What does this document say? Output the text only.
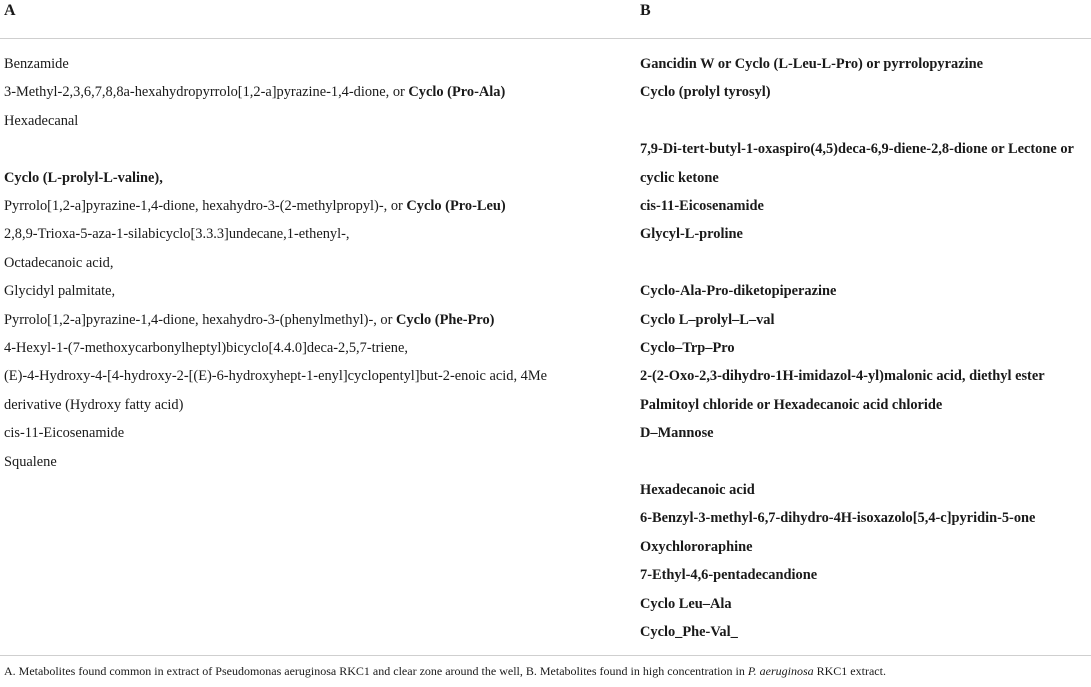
A	B
Benzamide
3-Methyl-2,3,6,7,8,8a-hexahydropyrrolo[1,2-a]pyrazine-1,4-dione, or Cyclo (Pro-Ala)
Hexadecanal
Cyclo (L-prolyl-L-valine),
Pyrrolo[1,2-a]pyrazine-1,4-dione, hexahydro-3-(2-methylpropyl)-, or Cyclo (Pro-Leu)
2,8,9-Trioxa-5-aza-1-silabicyclo[3.3.3]undecane,1-ethenyl-,
Octadecanoic acid,
Glycidyl palmitate,
Pyrrolo[1,2-a]pyrazine-1,4-dione, hexahydro-3-(phenylmethyl)-, or Cyclo (Phe-Pro)
4-Hexyl-1-(7-methoxycarbonylheptyl)bicyclo[4.4.0]deca-2,5,7-triene,
(E)-4-Hydroxy-4-[4-hydroxy-2-[(E)-6-hydroxyhept-1-enyl]cyclopentyl]but-2-enoic acid, 4Me derivative (Hydroxy fatty acid)
cis-11-Eicosenamide
Squalene
Gancidin W or Cyclo (L-Leu-L-Pro) or pyrrolopyrazine
Cyclo (prolyl tyrosyl)
7,9-Di-tert-butyl-1-oxaspiro(4,5)deca-6,9-diene-2,8-dione or Lectone or cyclic ketone
cis-11-Eicosenamide
Glycyl-L-proline
Cyclo-Ala-Pro-diketopiperazine
Cyclo L–prolyl–L–val
Cyclo–Trp–Pro
2-(2-Oxo-2,3-dihydro-1H-imidazol-4-yl)malonic acid, diethyl ester
Palmitoyl chloride or Hexadecanoic acid chloride
D–Mannose
Hexadecanoic acid
6-Benzyl-3-methyl-6,7-dihydro-4H-isoxazolo[5,4-c]pyridin-5-one
Oxychlororaphine
7-Ethyl-4,6-pentadecandione
Cyclo Leu–Ala
Cyclo_Phe-Val_
A. Metabolites found common in extract of Pseudomonas aeruginosa RKC1 and clear zone around the well, B. Metabolites found in high concentration in P. aeruginosa RKC1 extract.
